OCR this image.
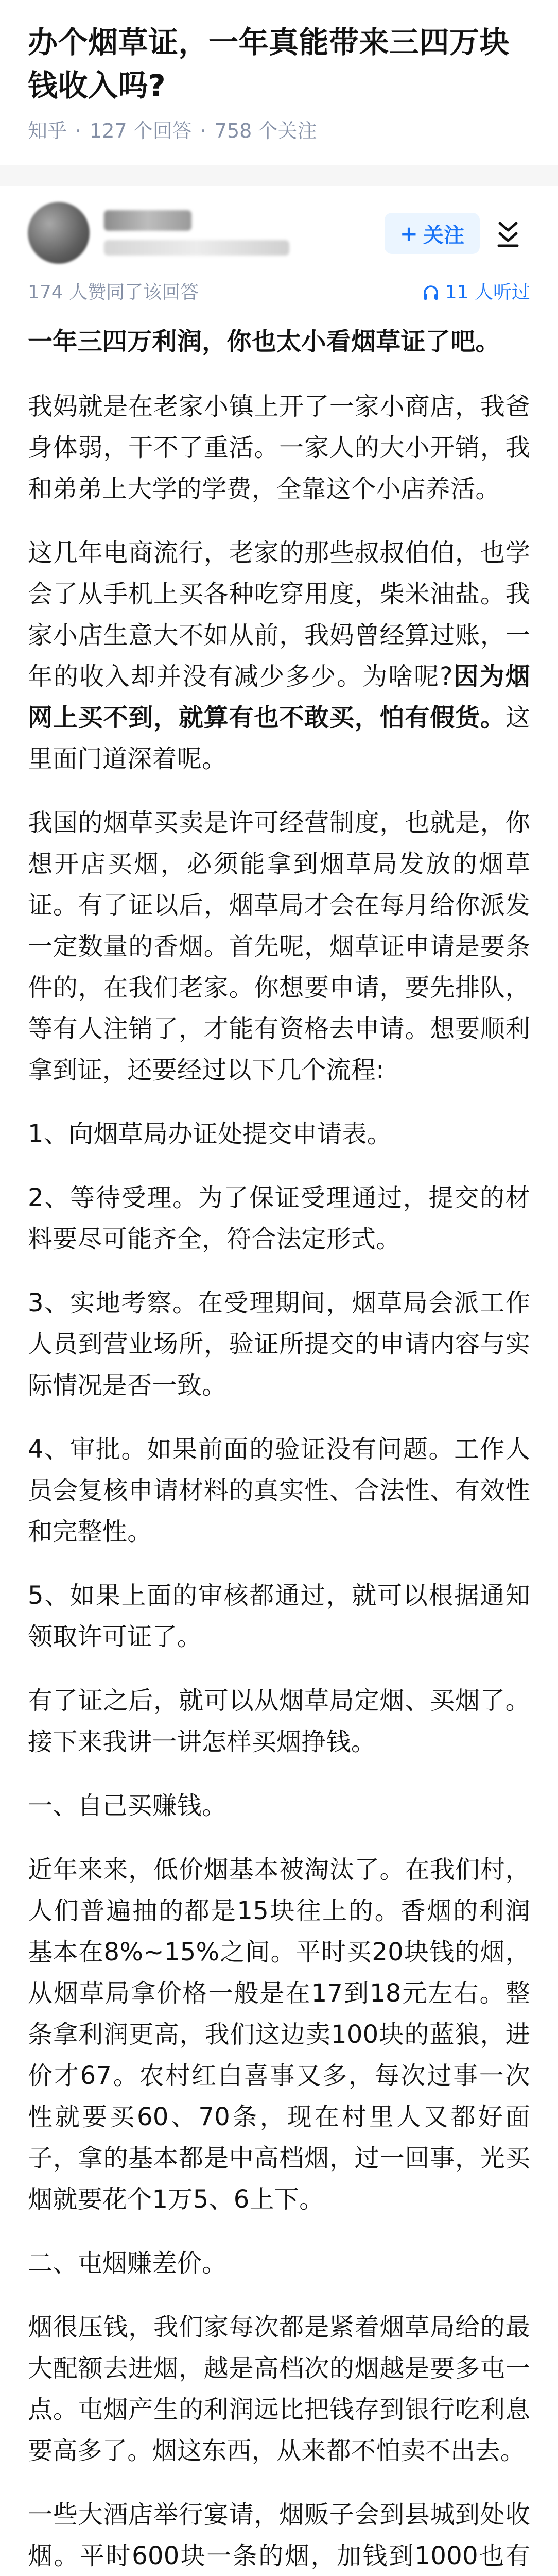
办个烟草证，一年真能带来三四万块钱收入吗?
知乎 · 127 个回答 · 758 个关注
+ 关注
174 人赞同了该回答	11 人听过

一年三四万利润，你也太小看烟草证了吧。

我妈就是在老家小镇上开了一家小商店，我爸身体弱，干不了重活。一家人的大小开销，我和弟弟上大学的学费，全靠这个小店养活。

这几年电商流行，老家的那些叔叔伯伯，也学会了从手机上买各种吃穿用度，柴米油盐。我家小店生意大不如从前，我妈曾经算过账，一年的收入却并没有减少多少。为啥呢?因为烟网上买不到，就算有也不敢买，怕有假货。这里面门道深着呢。

我国的烟草买卖是许可经营制度，也就是，你想开店买烟，必须能拿到烟草局发放的烟草证。有了证以后，烟草局才会在每月给你派发一定数量的香烟。首先呢，烟草证申请是要条件的，在我们老家。你想要申请，要先排队，等有人注销了，才能有资格去申请。想要顺利拿到证，还要经过以下几个流程:

1、向烟草局办证处提交申请表。

2、等待受理。为了保证受理通过，提交的材料要尽可能齐全，符合法定形式。

3、实地考察。在受理期间，烟草局会派工作人员到营业场所，验证所提交的申请内容与实际情况是否一致。

4、审批。如果前面的验证没有问题。工作人员会复核申请材料的真实性、合法性、有效性和完整性。

5、如果上面的审核都通过，就可以根据通知领取许可证了。

有了证之后，就可以从烟草局定烟、买烟了。接下来我讲一讲怎样买烟挣钱。

一、自己买赚钱。

近年来来，低价烟基本被淘汰了。在我们村，人们普遍抽的都是15块往上的。香烟的利润基本在8%~15%之间。平时买20块钱的烟，从烟草局拿价格一般是在17到18元左右。整条拿利润更高，我们这边卖100块的蓝狼，进价才67。农村红白喜事又多，每次过事一次性就要买60、70条，现在村里人又都好面子，拿的基本都是中高档烟，过一回事，光买烟就要花个1万5、6上下。

二、屯烟赚差价。

烟很压钱，我们家每次都是紧着烟草局给的最大配额去进烟，越是高档次的烟越是要多屯一点。屯烟产生的利润远比把钱存到银行吃利息要高多了。烟这东西，从来都不怕卖不出去。

一些大酒店举行宴请，烟贩子会到县城到处收烟。平时600块一条的烟，加钱到1000也有
